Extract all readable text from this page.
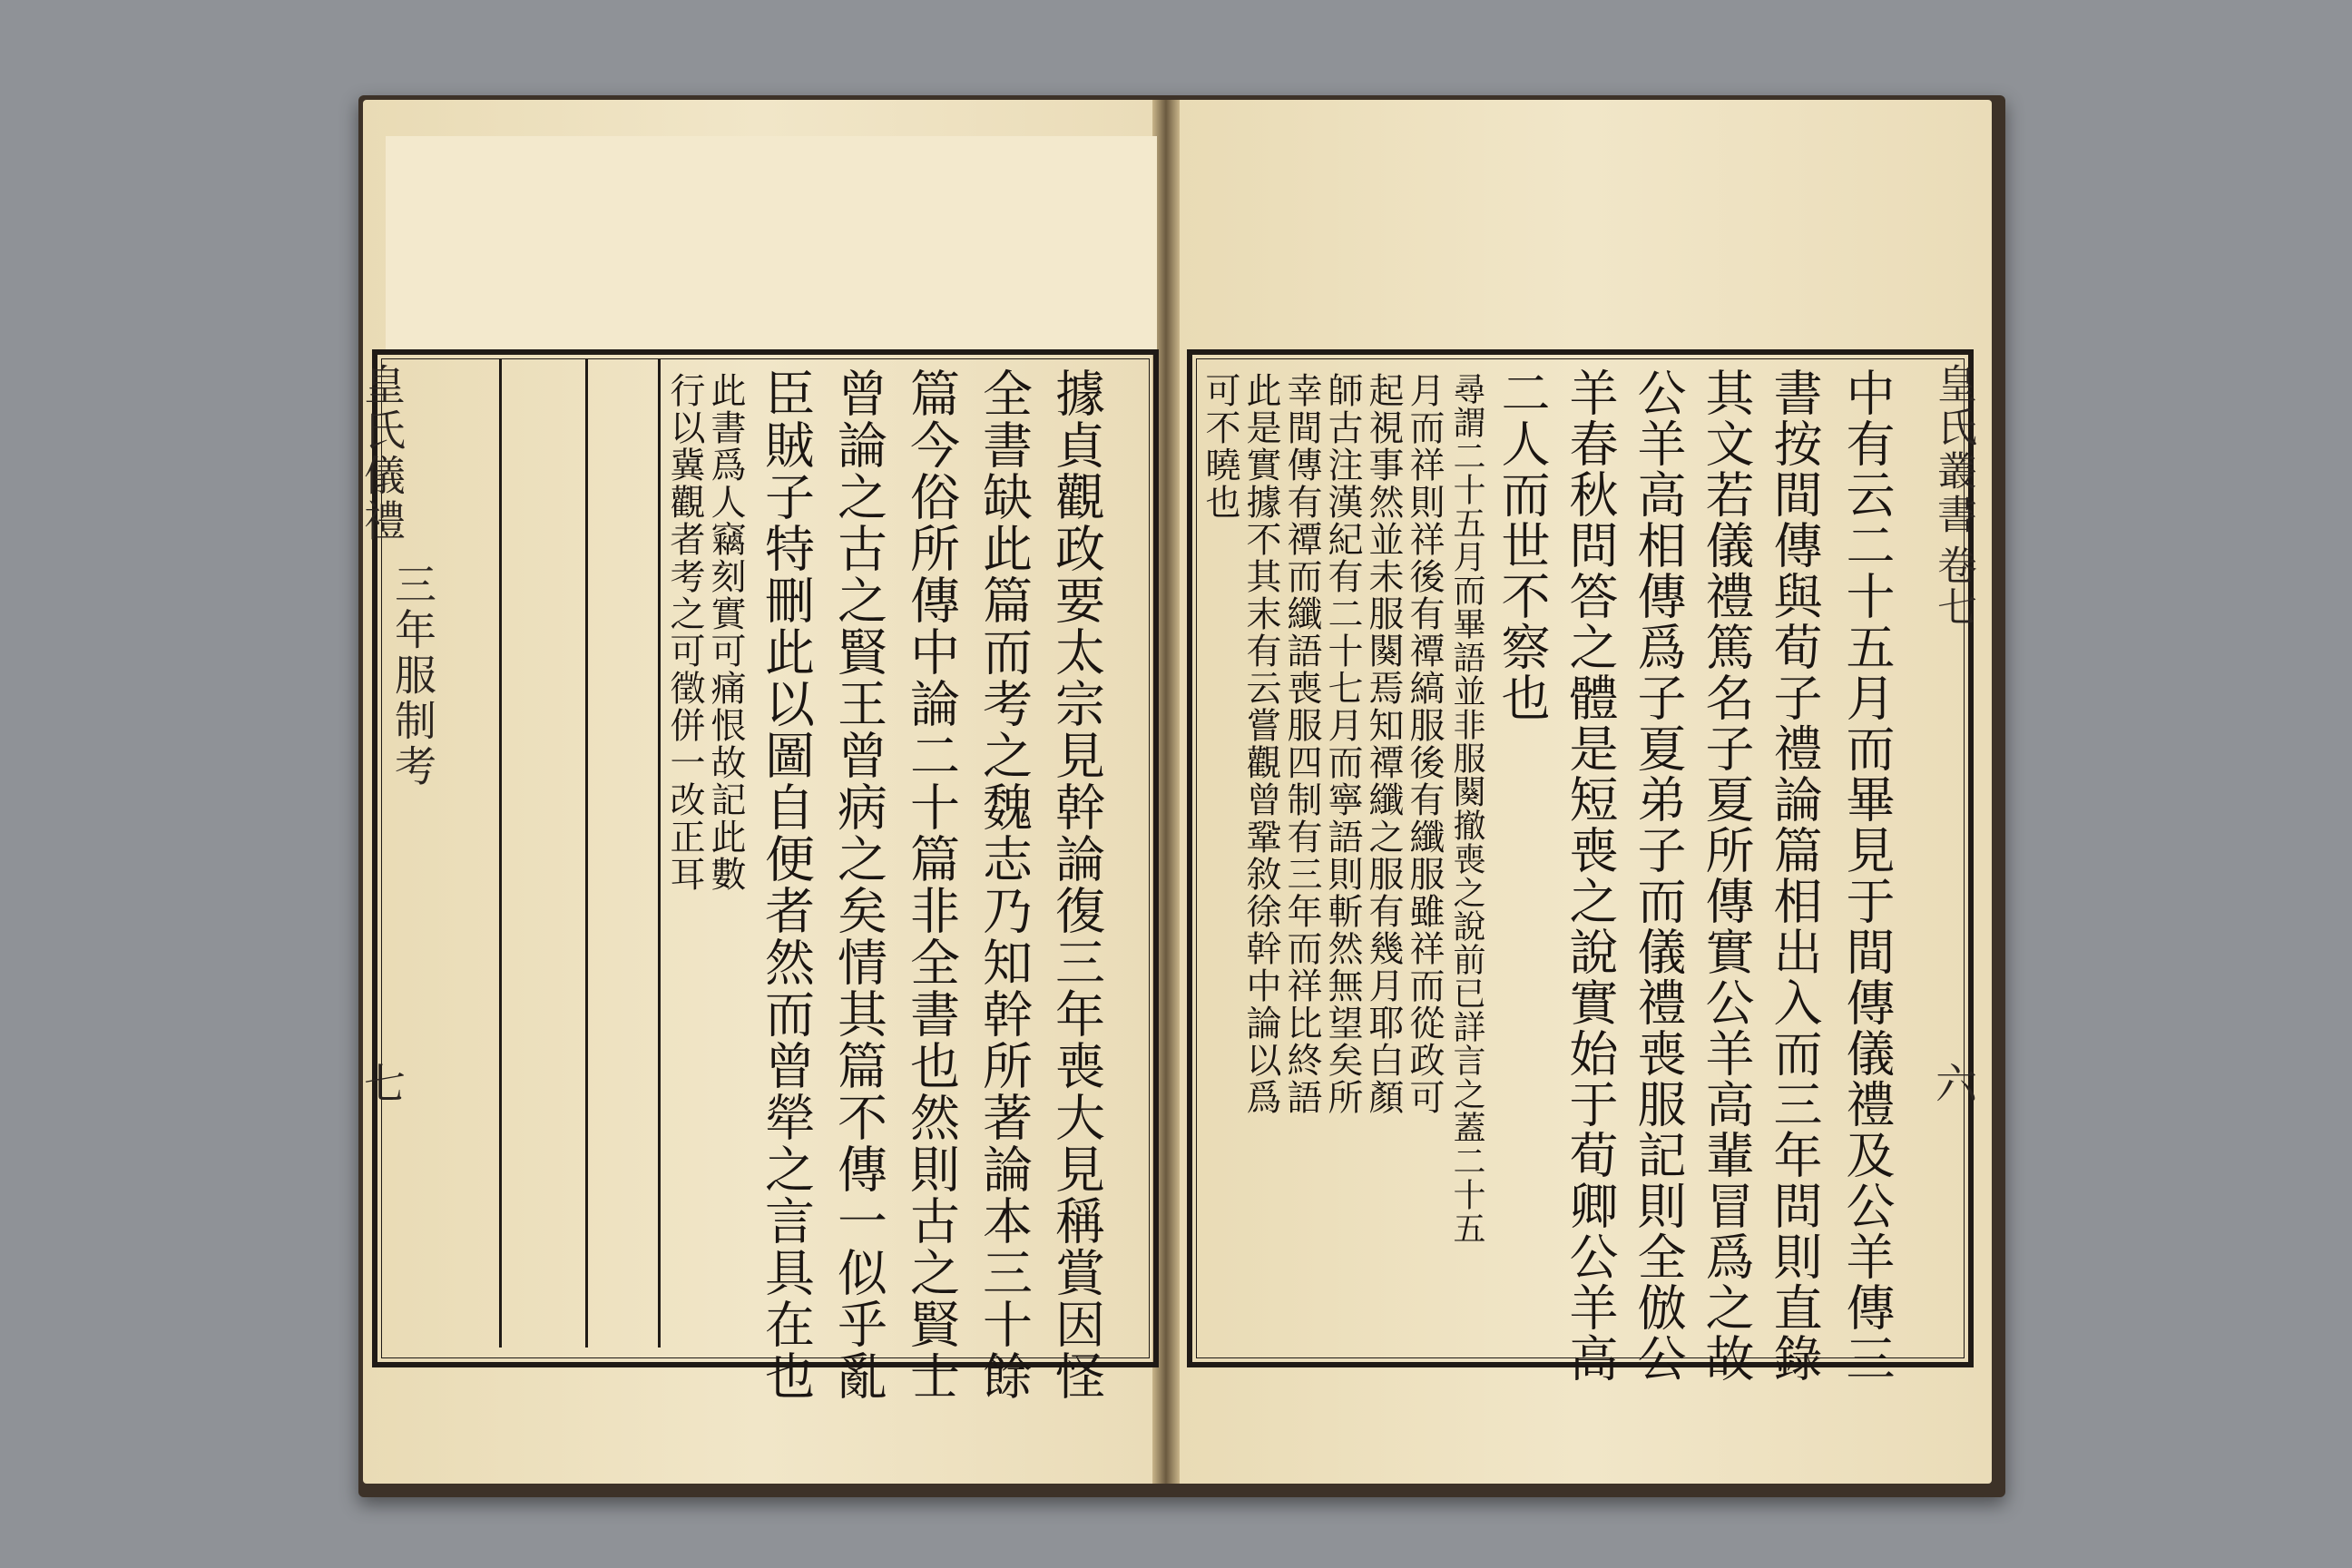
皇氏儀禮
三年服制考
七
行以冀觀者考之可徵併一改正耳 此書爲人竊刻實可痛恨故記此數 臣賊子特刪此以圖自便者然而曾犖之言具在也 曾論之古之賢王曾病之矣情其篇不傳一似乎亂 篇今俗所傳中論二十篇非全書也然則古之賢士 全書缺此篇而考之魏志乃知幹所著論本三十餘 據貞觀政要太宗見幹論復三年喪大見稱賞因怪	皇氏叢書
卷七
六
可不曉也 此是實據不其末有云嘗觀曾鞏敘徐幹中論以爲 幸間傳有禫而纖語喪服四制有三年而祥比終語 師古注漢紀有二十七月而寧語則斬然無望矣所 起視事然並未服闋焉知禫纖之服有幾月耶白顏 月而祥則祥後有禫縞服後有纖服雖祥而從政可 尋謂二十五月而畢語並非服闋撤喪之說前已詳言之蓋二十五 二人而世不察也 羊春秋問答之體是短喪之說實始于荀卿公羊高 公羊高相傳爲子夏弟子而儀禮喪服記則全倣公 其文若儀禮篤名子夏所傳實公羊高輩冒爲之故 書按間傳與荀子禮論篇相出入而三年問則直錄 中有云二十五月而畢見于間傳儀禮及公羊傳三
